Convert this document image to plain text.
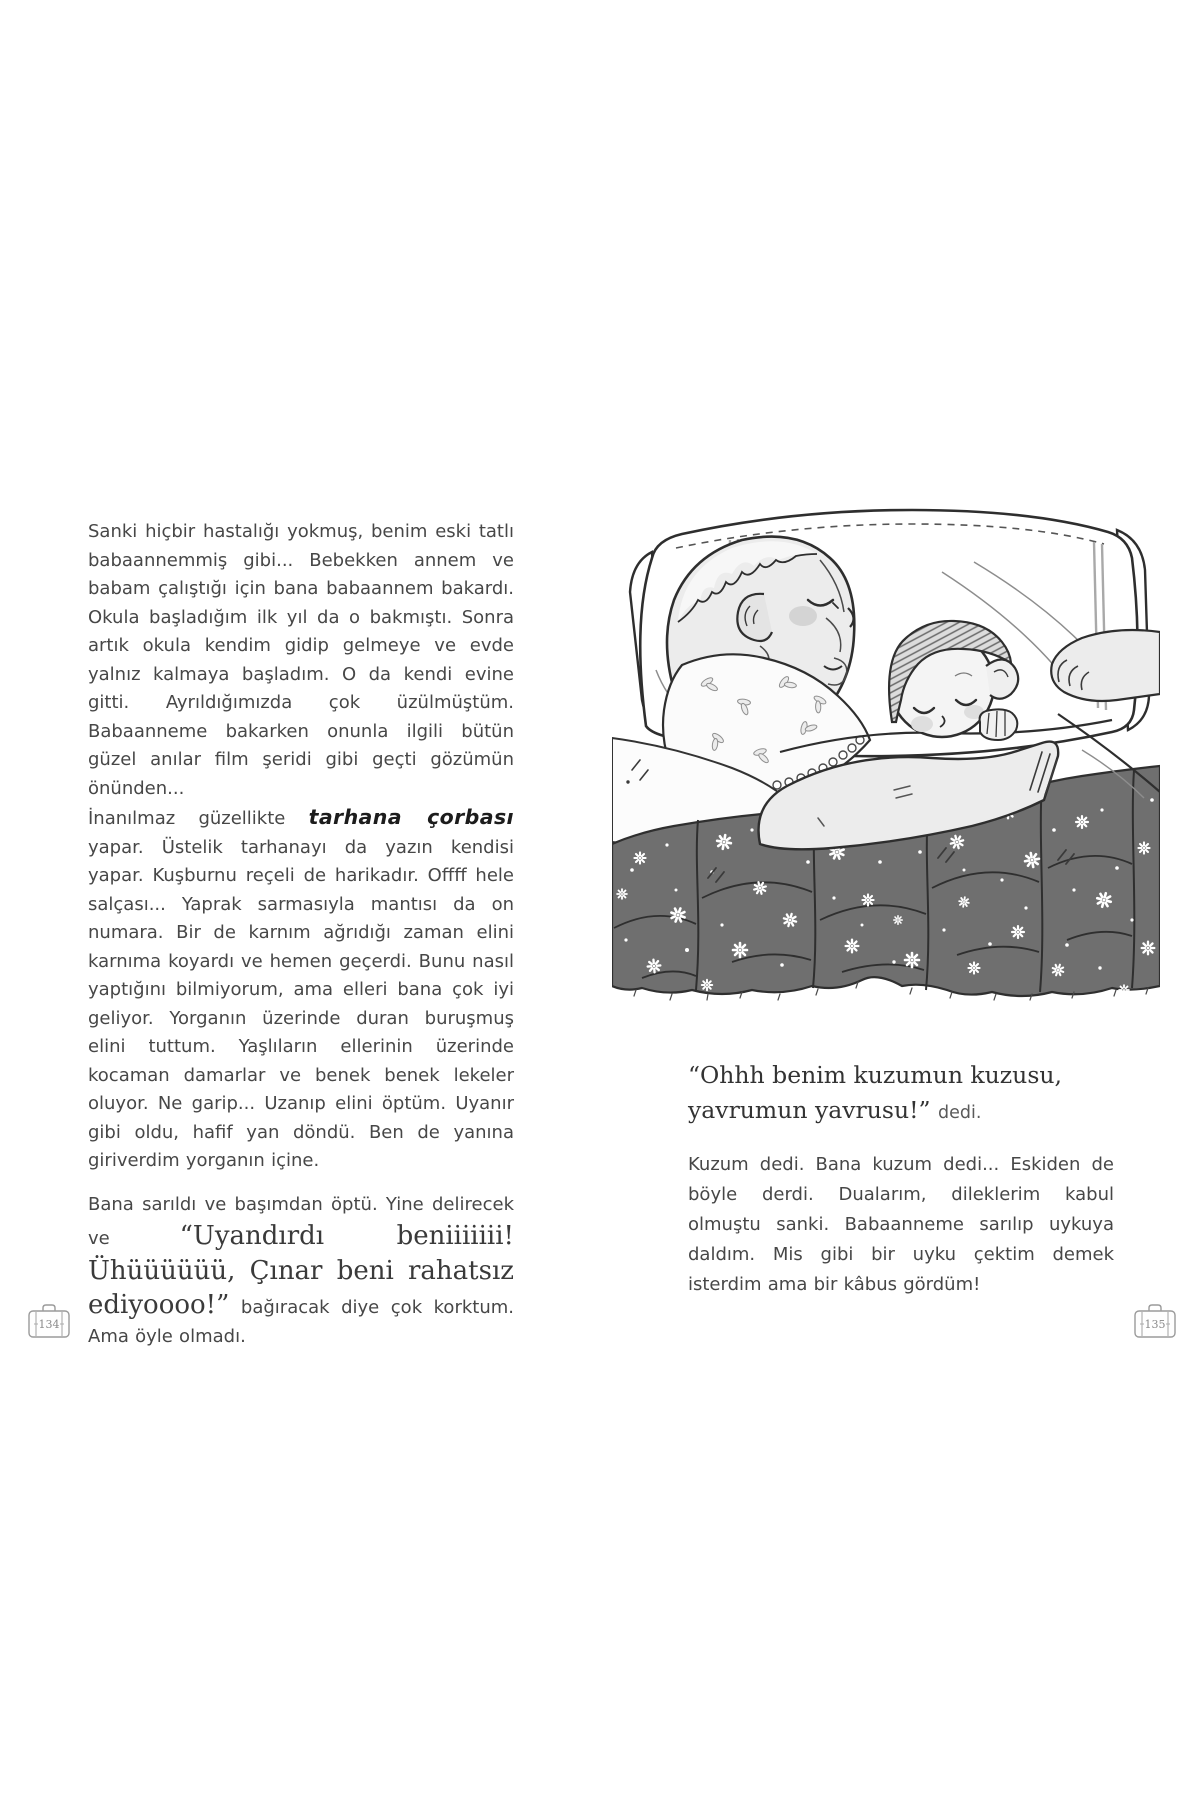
Sanki hiçbir hastalığı yokmuş, benim eski tatlı babaannemmiş gibi... Bebekken annem ve babam çalıştığı için bana babaannem bakardı. Okula başladığım ilk yıl da o bakmıştı. Sonra artık okula kendim gidip gelmeye ve evde yalnız kalmaya başladım. O da kendi evine gitti. Ayrıldığımızda çok üzülmüştüm. Babaanneme bakarken onunla ilgili bütün güzel anılar film şeridi gibi geçti gözümün önünden...

İnanılmaz güzellikte tarhana çorbası yapar. Üstelik tarhanayı da yazın kendisi yapar. Kuşburnu reçeli de harikadır. Offff hele salçası... Yaprak sarmasıyla mantısı da on numara. Bir de karnım ağrıdığı zaman elini karnıma koyardı ve hemen geçerdi. Bunu nasıl yaptığını bilmiyorum, ama elleri bana çok iyi geliyor. Yorganın üzerinde duran buruşmuş elini tuttum. Yaşlıların ellerinin üzerinde kocaman damarlar ve benek benek lekeler oluyor. Ne garip... Uzanıp elini öptüm. Uyanır gibi oldu, hafif yan döndü. Ben de yanına giriverdim yorganın içine.

Bana sarıldı ve başımdan öptü. Yine delirecek ve “Uyandırdı beniiiiiii! Ühüüüüüü, Çınar beni rahatsız ediyoooo!” bağıracak diye çok korktum. Ama öyle olmadı.

“Ohhh benim kuzumun kuzusu, yavrumun yavrusu!” dedi.

Kuzum dedi. Bana kuzum dedi... Eskiden de böyle derdi. Dualarım, dileklerim kabul olmuştu sanki. Babaanneme sarılıp uykuya daldım. Mis gibi bir uyku çektim demek isterdim ama bir kâbus gördüm!

134	135
